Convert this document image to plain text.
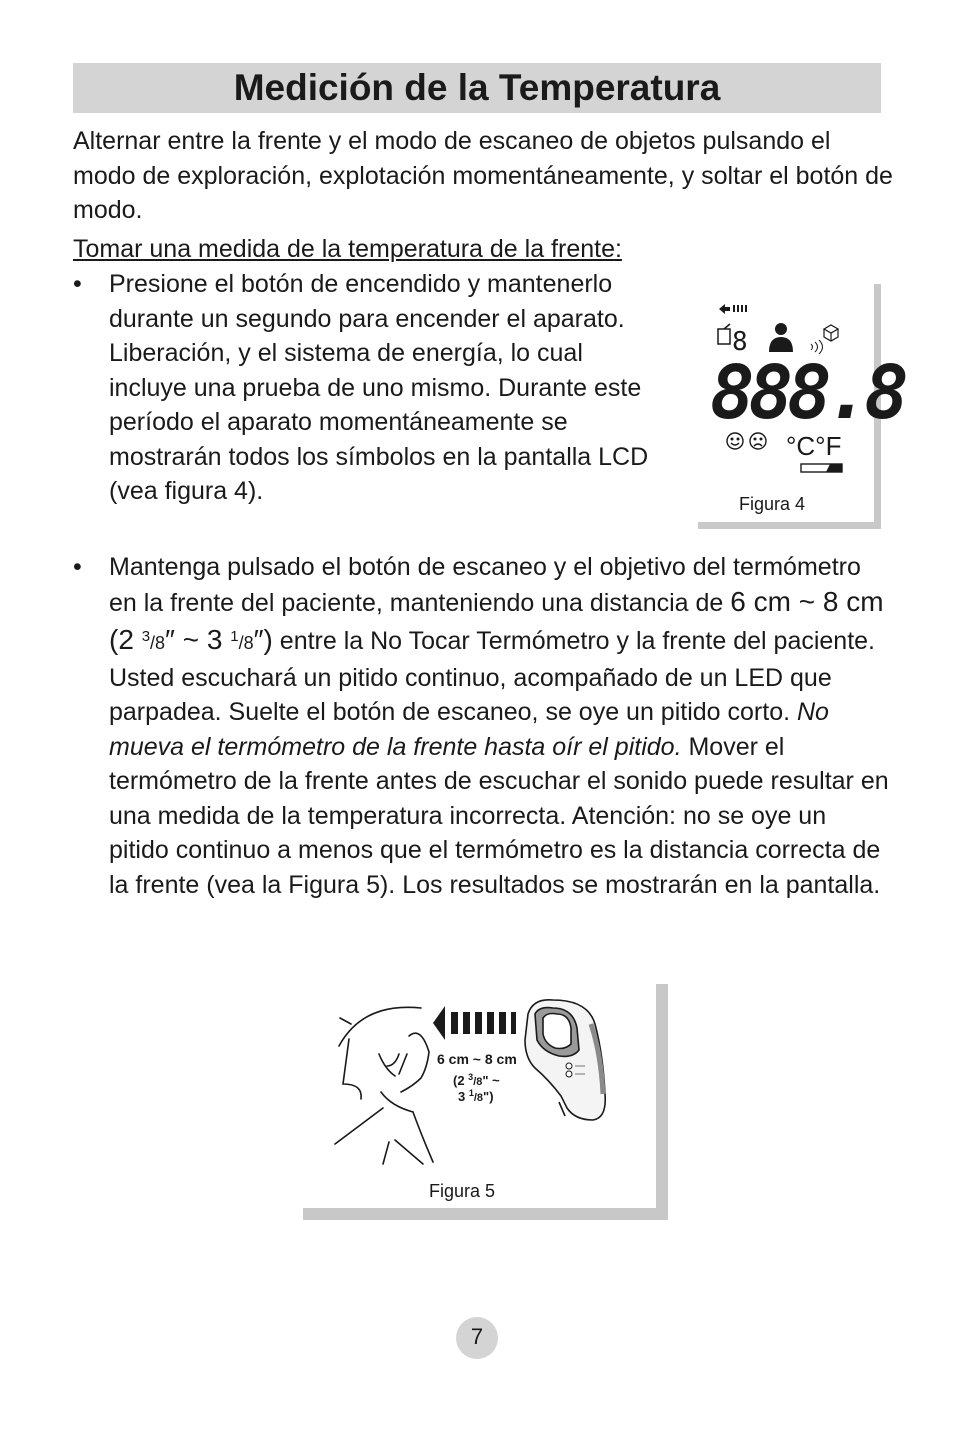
Medición de la Temperatura

Alternar entre la frente y el modo de escaneo de objetos pulsando el modo de exploración, explotación momentáneamente, y soltar el botón de modo.

Tomar una medida de la temperatura de la frente:

• Presione el botón de encendido y mantenerlo durante un segundo para encender el aparato. Liberación, y el sistema de energía, lo cual incluye una prueba de uno mismo. Durante este período el aparato momentáneamente se mostrarán todos los símbolos en la pantalla LCD (vea figura 4).
8
888.8
°C°F
Figura 4
• Mantenga pulsado el botón de escaneo y el objetivo del termómetro en la frente del paciente, manteniendo una distancia de 6 cm ~ 8 cm (2 $^3$/8″ ~ 3 $^1$/8″) entre la No Tocar Termómetro y la frente del paciente. Usted escuchará un pitido continuo, acompañado de un LED que parpadea. Suelte el botón de escaneo, se oye un pitido corto. No mueva el termómetro de la frente hasta oír el pitido. Mover el termómetro de la frente antes de escuchar el sonido puede resultar en una medida de la temperatura incorrecta. Atención: no se oye un pitido continuo a menos que el termómetro es la distancia correcta de la frente (vea la Figura 5). Los resultados se mostrarán en la pantalla.
6 cm ~ 8 cm
(2 $^3_{/8}$" ~
3 $^1_{/8}$")
Figura 5
7
